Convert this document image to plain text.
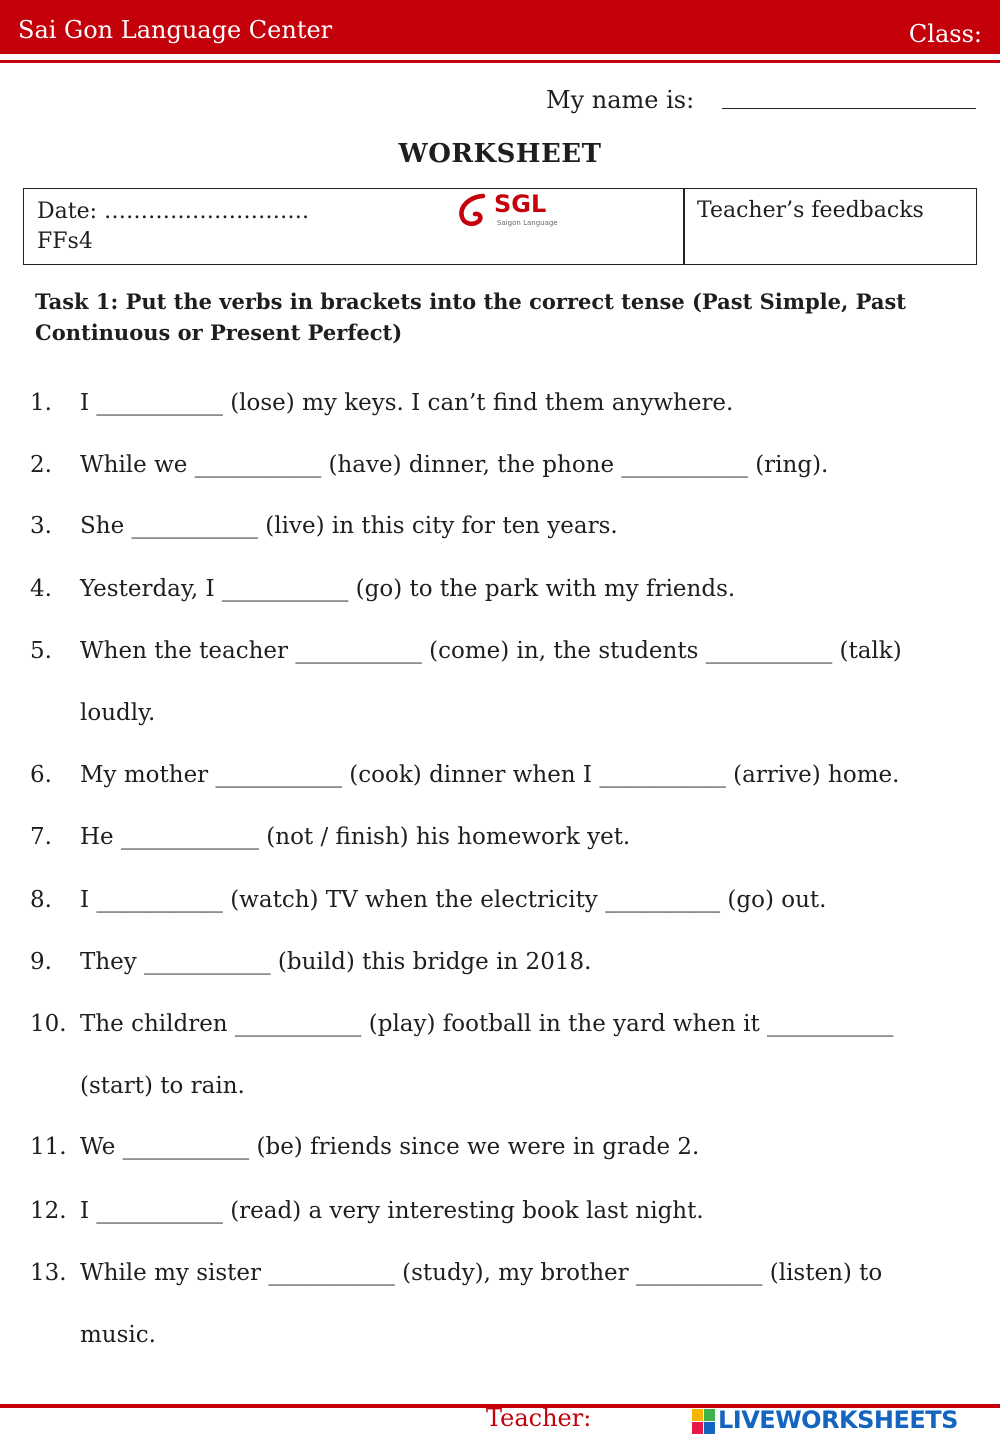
Sai Gon Language Center	Class:
My name is:
WORKSHEET
Date: ……………………….
FFs4
SGL
Saigon Language	Teacher’s feedbacks
Task 1: Put the verbs in brackets into the correct tense (Past Simple, Past Continuous or Present Perfect)
1. I ___________ (lose) my keys. I can’t find them anywhere.
2. While we ___________ (have) dinner, the phone ___________ (ring).
3. She ___________ (live) in this city for ten years.
4. Yesterday, I ___________ (go) to the park with my friends.
5. When the teacher ___________ (come) in, the students ___________ (talk)
loudly.
6. My mother ___________ (cook) dinner when I ___________ (arrive) home.
7. He ____________ (not / finish) his homework yet.
8. I ___________ (watch) TV when the electricity __________ (go) out.
9. They ___________ (build) this bridge in 2018.
10. The children ___________ (play) football in the yard when it ___________
(start) to rain.
11. We ___________ (be) friends since we were in grade 2.
12. I ___________ (read) a very interesting book last night.
13. While my sister ___________ (study), my brother ___________ (listen) to
music.
Teacher:	LIVEWORKSHEETS
